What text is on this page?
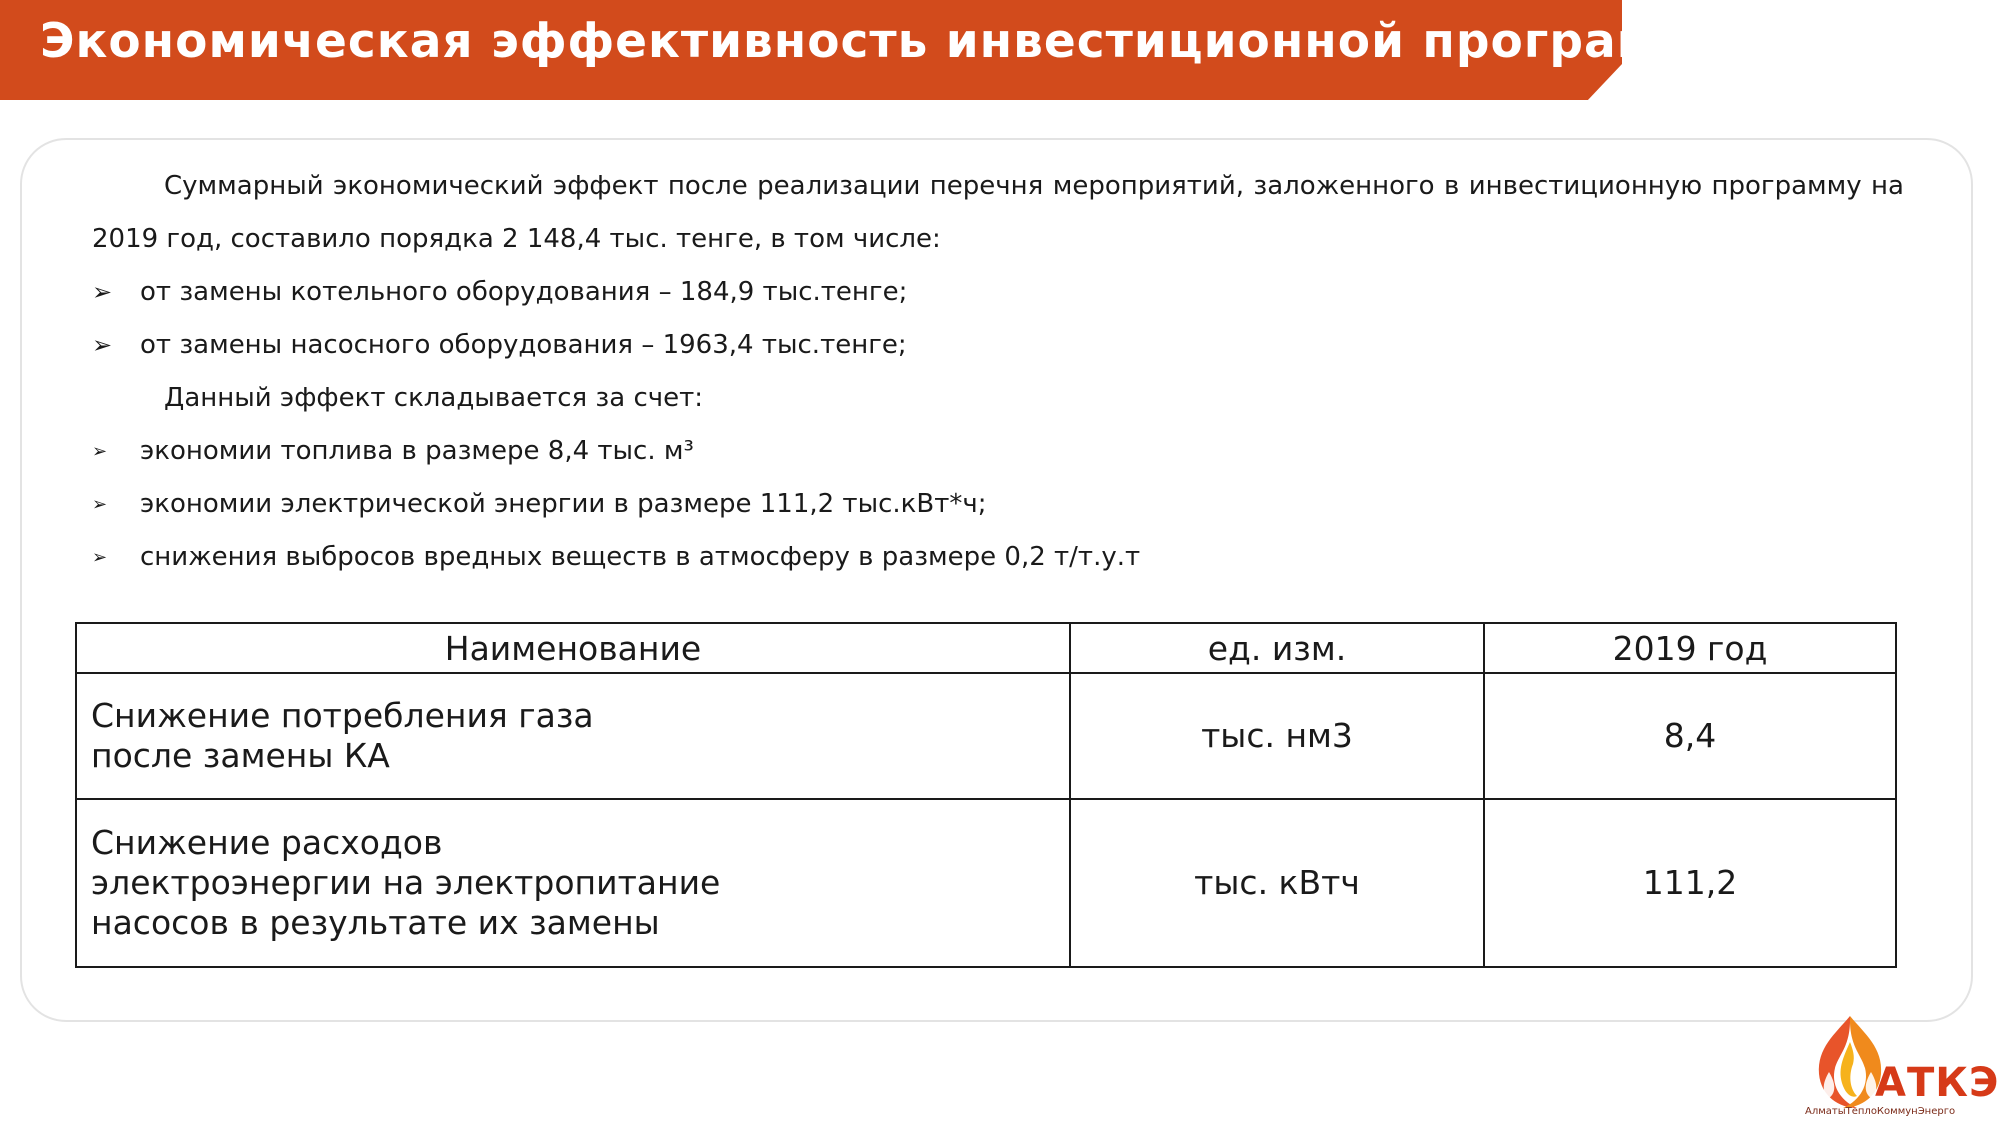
Экономическая эффективность инвестиционной программы

Суммарный экономический эффект после реализации перечня мероприятий, заложенного в инвестиционную программу на 2019 год, составило порядка 2 148,4 тыс. тенге, в том числе:

➢	от замены котельного оборудования – 184,9 тыс.тенге;
➢	от замены насосного оборудования – 1963,4 тыс.тенге;

Данный эффект складывается за счет:

➢	экономии топлива в размере 8,4 тыс. м³
➢	экономии электрической энергии в размере 111,2 тыс.кВт*ч;
➢	снижения выбросов вредных веществ в атмосферу в размере 0,2 т/т.у.т
Наименование	ед. изм.	2019 год

Снижение потребления газа
после замены КА	тыс. нм3	8,4

Снижение расходов
электроэнергии на электропитание
насосов в результате их замены	тыс. кВтч	111,2
АТКЭ
АлматыТеплоКоммунЭнерго
